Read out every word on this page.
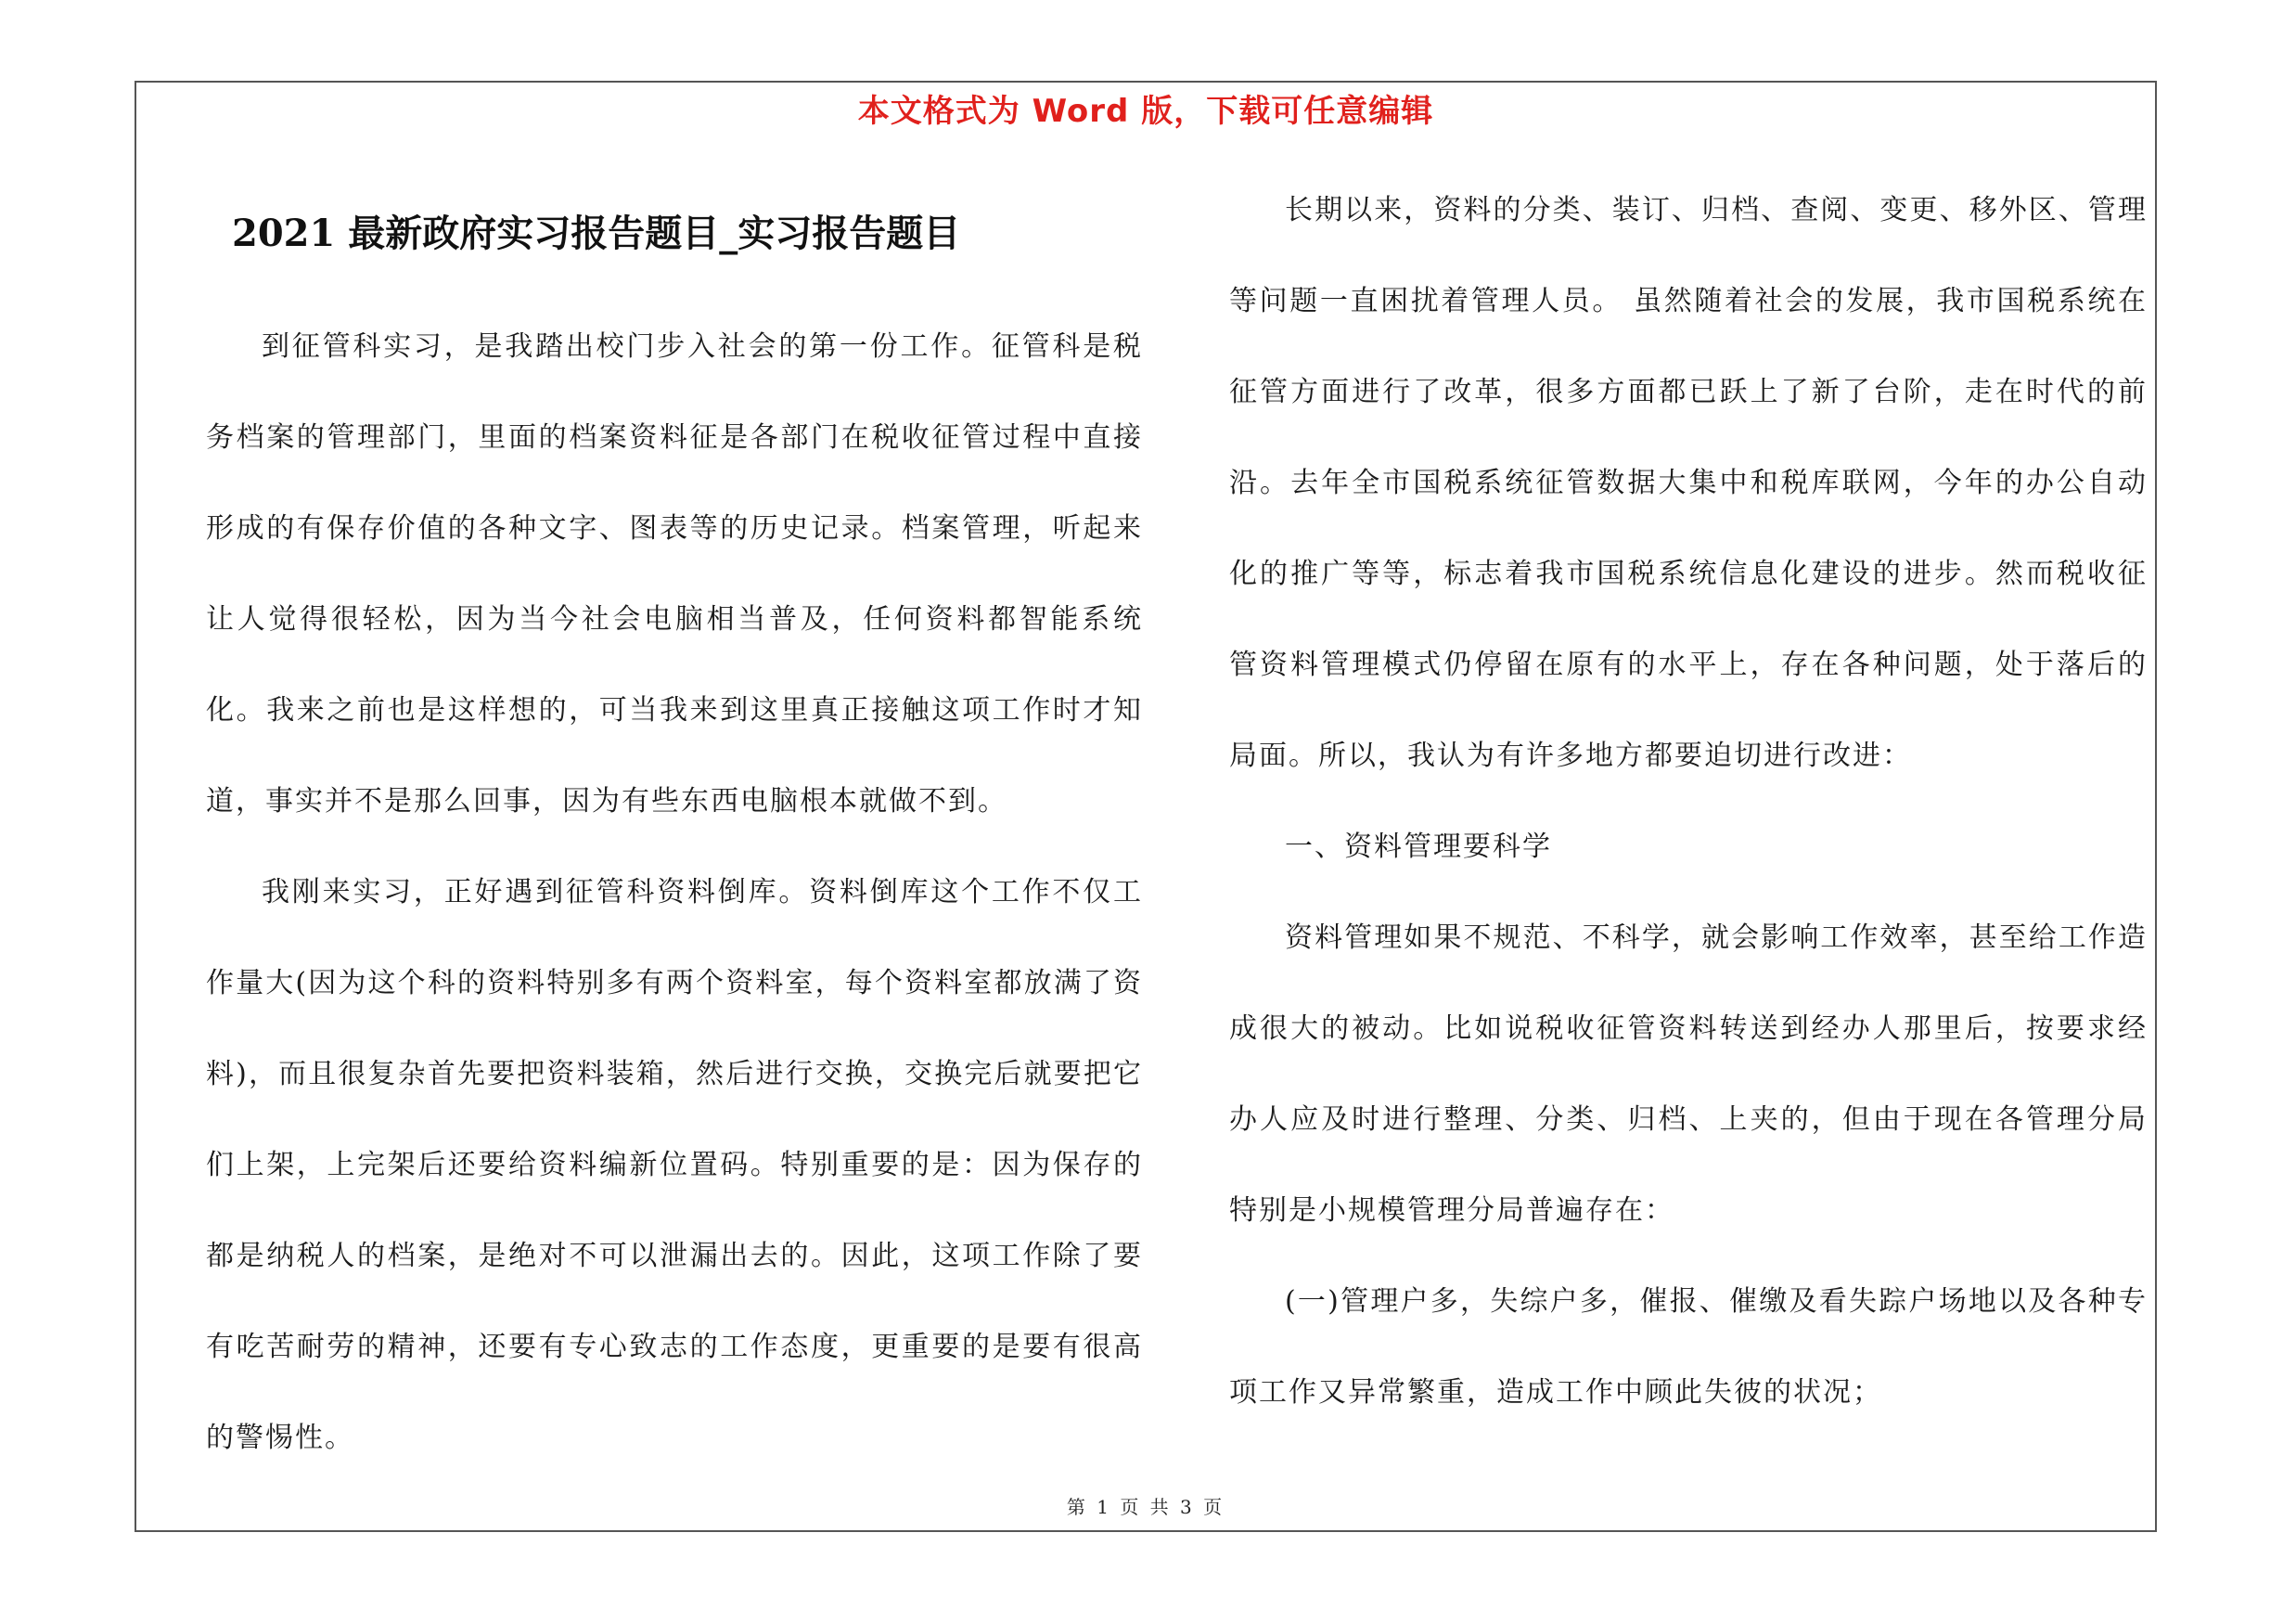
本文格式为 Word 版，下载可任意编辑
2021 最新政府实习报告题目_实习报告题目

到征管科实习，是我踏出校门步入社会的第一份工作。征管科是税务档案的管理部门，里面的档案资料征是各部门在税收征管过程中直接形成的有保存价值的各种文字、图表等的历史记录。档案管理，听起来让人觉得很轻松，因为当今社会电脑相当普及，任何资料都智能系统化。我来之前也是这样想的，可当我来到这里真正接触这项工作时才知道，事实并不是那么回事，因为有些东西电脑根本就做不到。

我刚来实习，正好遇到征管科资料倒库。资料倒库这个工作不仅工作量大(因为这个科的资料特别多有两个资料室，每个资料室都放满了资料)，而且很复杂首先要把资料装箱，然后进行交换，交换完后就要把它们上架，上完架后还要给资料编新位置码。特别重要的是：因为保存的都是纳税人的档案，是绝对不可以泄漏出去的。因此，这项工作除了要有吃苦耐劳的精神，还要有专心致志的工作态度，更重要的是要有很高的警惕性。

长期以来，资料的分类、装订、归档、查阅、变更、移外区、管理等问题一直困扰着管理人员。 虽然随着社会的发展，我市国税系统在征管方面进行了改革，很多方面都已跃上了新了台阶，走在时代的前沿。去年全市国税系统征管数据大集中和税库联网，今年的办公自动化的推广等等，标志着我市国税系统信息化建设的进步。然而税收征管资料管理模式仍停留在原有的水平上，存在各种问题，处于落后的局面。所以，我认为有许多地方都要迫切进行改进：

一、资料管理要科学

资料管理如果不规范、不科学，就会影响工作效率，甚至给工作造成很大的被动。比如说税收征管资料转送到经办人那里后，按要求经办人应及时进行整理、分类、归档、上夹的，但由于现在各管理分局特别是小规模管理分局普遍存在：

(一)管理户多，失综户多，催报、催缴及看失踪户场地以及各种专项工作又异常繁重，造成工作中顾此失彼的状况；

第 1 页 共 3 页
